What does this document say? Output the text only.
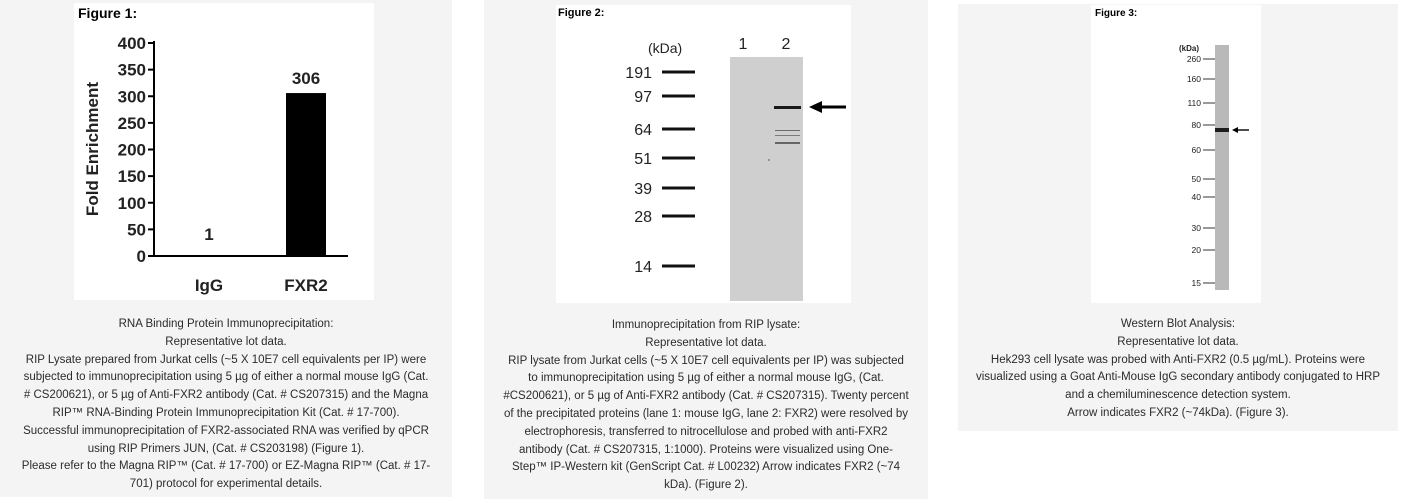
Figure 1:
Fold Enrichment
0
50
100
150
200
250
300
350
400
1
306
IgG	FXR2
RNA Binding Protein Immunoprecipitation:
Representative lot data.
RIP Lysate prepared from Jurkat cells (~5 X 10E7 cell equivalents per IP) were
subjected to immunoprecipitation using 5 µg of either a normal mouse IgG (Cat.
# CS200621), or 5 µg of Anti-FXR2 antibody (Cat. # CS207315) and the Magna
RIP™ RNA-Binding Protein Immunoprecipitation Kit (Cat. # 17-700).
Successful immunoprecipitation of FXR2-associated RNA was verified by qPCR
using RIP Primers JUN, (Cat. # CS203198) (Figure 1).
Please refer to the Magna RIP™ (Cat. # 17-700) or EZ-Magna RIP™ (Cat. # 17-
701) protocol for experimental details.
Figure 2:
(kDa)	1 2
191
97
64
51
39
28
14
Immunoprecipitation from RIP lysate:
Representative lot data.
RIP lysate from Jurkat cells (~5 X 10E7 cell equivalents per IP) was subjected
to immunoprecipitation using 5 µg of either a normal mouse IgG, (Cat.
#CS200621), or 5 µg of Anti-FXR2 antibody (Cat. # CS207315). Twenty percent
of the precipitated proteins (lane 1: mouse IgG, lane 2: FXR2) were resolved by
electrophoresis, transferred to nitrocellulose and probed with anti-FXR2
antibody (Cat. # CS207315, 1:1000). Proteins were visualized using One-
Step™ IP-Western kit (GenScript Cat. # L00232) Arrow indicates FXR2 (~74
kDa). (Figure 2).
Figure 3:
(kDa)
260
160
110
80
60
50
40
30
20
15
Western Blot Analysis:
Representative lot data.
Hek293 cell lysate was probed with Anti-FXR2 (0.5 µg/mL). Proteins were
visualized using a Goat Anti-Mouse IgG secondary antibody conjugated to HRP
and a chemiluminescence detection system.
Arrow indicates FXR2 (~74kDa). (Figure 3).
